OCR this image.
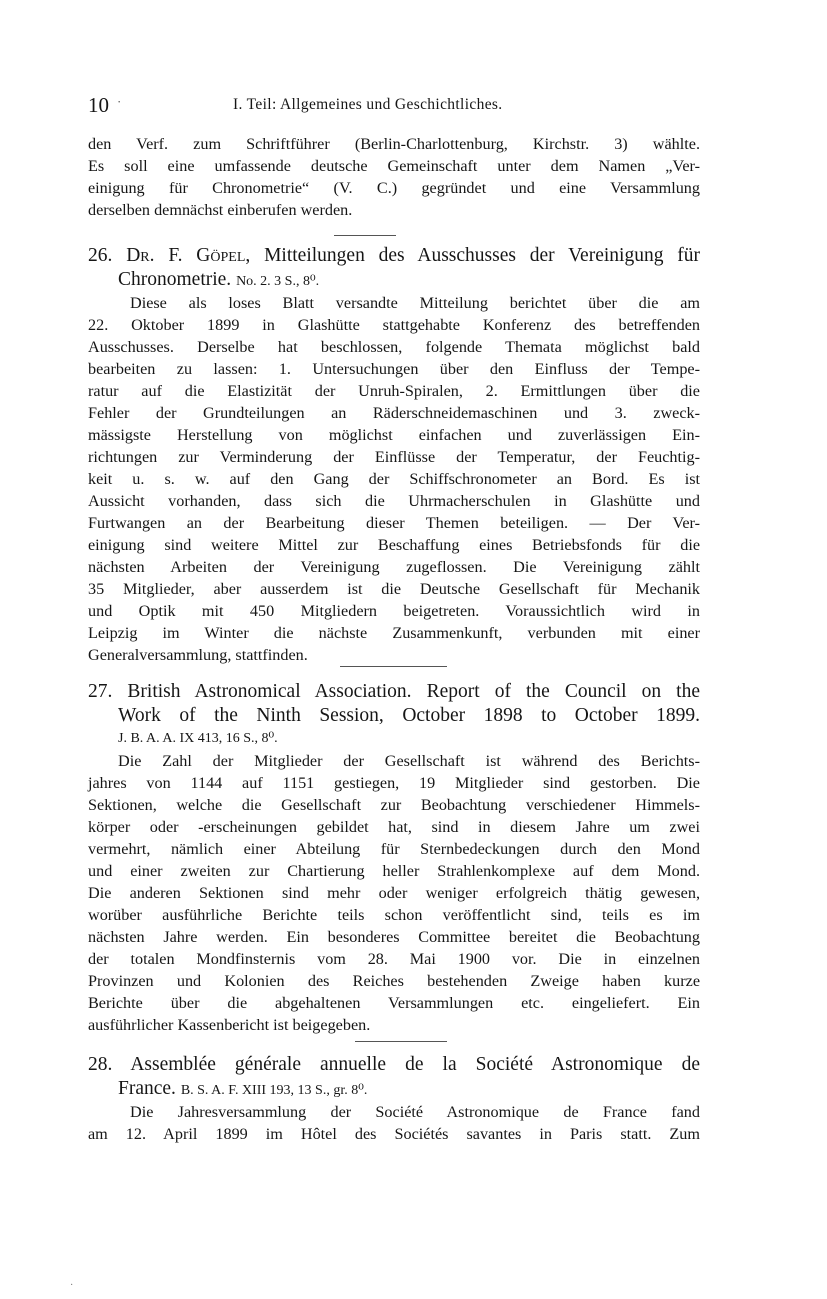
10 ·	I. Teil: Allgemeines und Geschichtliches.
den Verf. zum Schriftführer (Berlin-Charlottenburg, Kirchstr. 3) wählte.
Es soll eine umfassende deutsche Gemeinschaft unter dem Namen „Ver-
einigung für Chronometrie“ (V. C.) gegründet und eine Versammlung
derselben demnächst einberufen werden.
26. Dr. F. Göpel, Mitteilungen des Ausschusses der Vereinigung für
Chronometrie. No. 2. 3 S., 8⁰.
Diese als loses Blatt versandte Mitteilung berichtet über die am
22. Oktober 1899 in Glashütte stattgehabte Konferenz des betreffenden
Ausschusses. Derselbe hat beschlossen, folgende Themata möglichst bald
bearbeiten zu lassen: 1. Untersuchungen über den Einfluss der Tempe-
ratur auf die Elastizität der Unruh-Spiralen, 2. Ermittlungen über die
Fehler der Grundteilungen an Räderschneidemaschinen und 3. zweck-
mässigste Herstellung von möglichst einfachen und zuverlässigen Ein-
richtungen zur Verminderung der Einflüsse der Temperatur, der Feuchtig-
keit u. s. w. auf den Gang der Schiffschronometer an Bord. Es ist
Aussicht vorhanden, dass sich die Uhrmacherschulen in Glashütte und
Furtwangen an der Bearbeitung dieser Themen beteiligen. — Der Ver-
einigung sind weitere Mittel zur Beschaffung eines Betriebsfonds für die
nächsten Arbeiten der Vereinigung zugeflossen. Die Vereinigung zählt
35 Mitglieder, aber ausserdem ist die Deutsche Gesellschaft für Mechanik
und Optik mit 450 Mitgliedern beigetreten. Voraussichtlich wird in
Leipzig im Winter die nächste Zusammenkunft, verbunden mit einer
Generalversammlung, stattfinden.
27. British Astronomical Association. Report of the Council on the
Work of the Ninth Session, October 1898 to October 1899.
J. B. A. A. IX 413, 16 S., 8⁰.
Die Zahl der Mitglieder der Gesellschaft ist während des Berichts-
jahres von 1144 auf 1151 gestiegen, 19 Mitglieder sind gestorben. Die
Sektionen, welche die Gesellschaft zur Beobachtung verschiedener Himmels-
körper oder -erscheinungen gebildet hat, sind in diesem Jahre um zwei
vermehrt, nämlich einer Abteilung für Sternbedeckungen durch den Mond
und einer zweiten zur Chartierung heller Strahlenkomplexe auf dem Mond.
Die anderen Sektionen sind mehr oder weniger erfolgreich thätig gewesen,
worüber ausführliche Berichte teils schon veröffentlicht sind, teils es im
nächsten Jahre werden. Ein besonderes Committee bereitet die Beobachtung
der totalen Mondfinsternis vom 28. Mai 1900 vor. Die in einzelnen
Provinzen und Kolonien des Reiches bestehenden Zweige haben kurze
Berichte über die abgehaltenen Versammlungen etc. eingeliefert. Ein
ausführlicher Kassenbericht ist beigegeben.
28. Assemblée générale annuelle de la Société Astronomique de
France. B. S. A. F. XIII 193, 13 S., gr. 8⁰.
Die Jahresversammlung der Société Astronomique de France fand
am 12. April 1899 im Hôtel des Sociétés savantes in Paris statt. Zum
·
